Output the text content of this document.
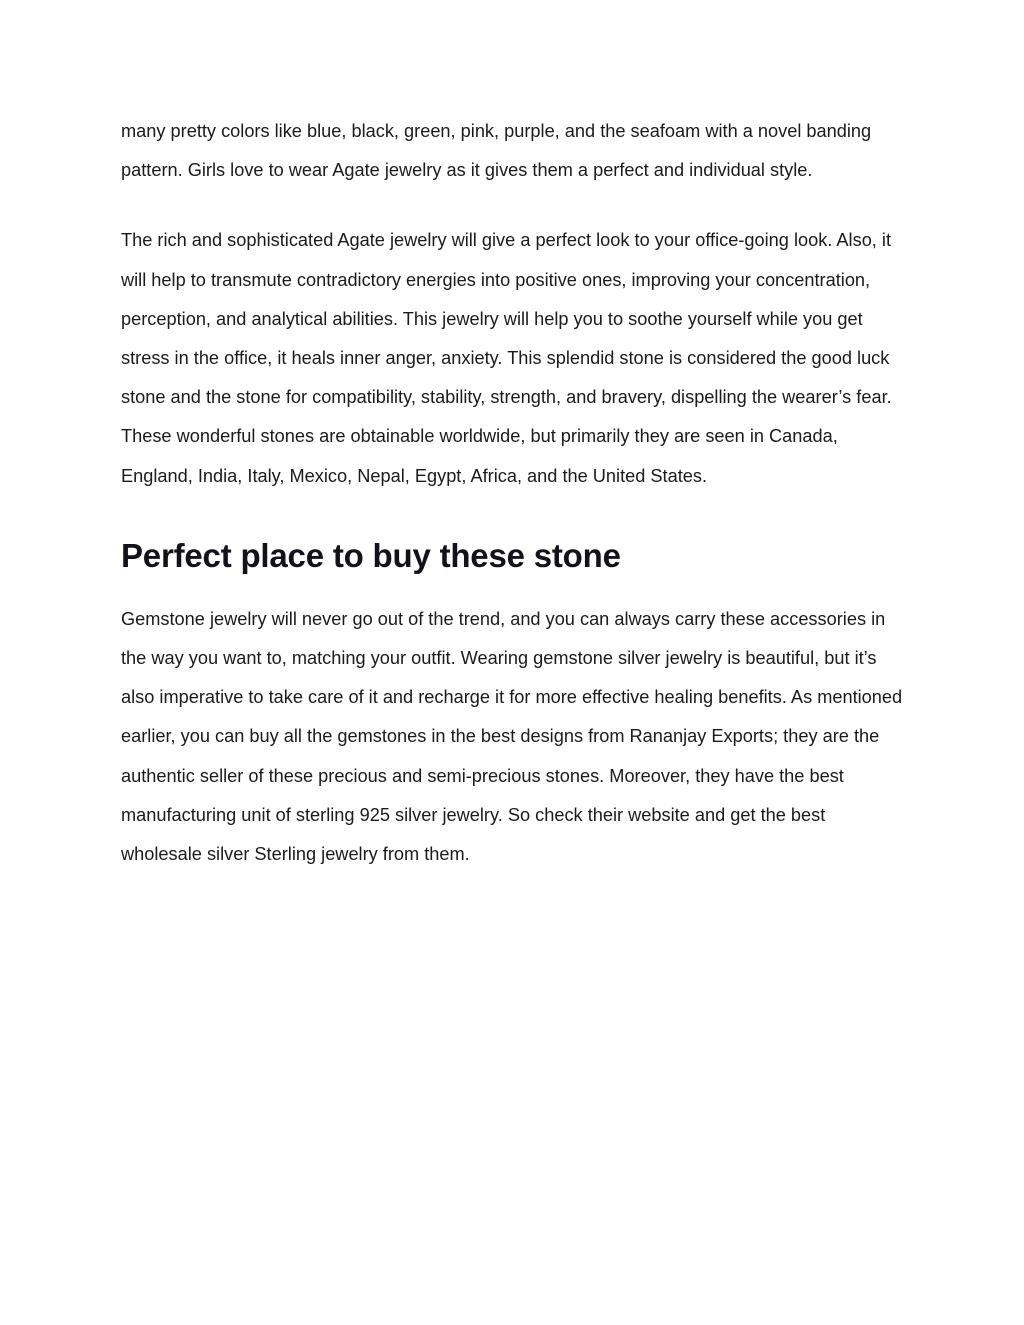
many pretty colors like blue, black, green, pink, purple, and the seafoam with a novel banding pattern. Girls love to wear Agate jewelry as it gives them a perfect and individual style.

The rich and sophisticated Agate jewelry will give a perfect look to your office-going look. Also, it will help to transmute contradictory energies into positive ones, improving your concentration, perception, and analytical abilities. This jewelry will help you to soothe yourself while you get stress in the office, it heals inner anger, anxiety. This splendid stone is considered the good luck stone and the stone for compatibility, stability, strength, and bravery, dispelling the wearer’s fear. These wonderful stones are obtainable worldwide, but primarily they are seen in Canada, England, India, Italy, Mexico, Nepal, Egypt, Africa, and the United States.

Perfect place to buy these stone

Gemstone jewelry will never go out of the trend, and you can always carry these accessories in the way you want to, matching your outfit. Wearing gemstone silver jewelry is beautiful, but it’s also imperative to take care of it and recharge it for more effective healing benefits. As mentioned earlier, you can buy all the gemstones in the best designs from Rananjay Exports; they are the authentic seller of these precious and semi-precious stones. Moreover, they have the best manufacturing unit of sterling 925 silver jewelry. So check their website and get the best wholesale silver Sterling jewelry from them.
